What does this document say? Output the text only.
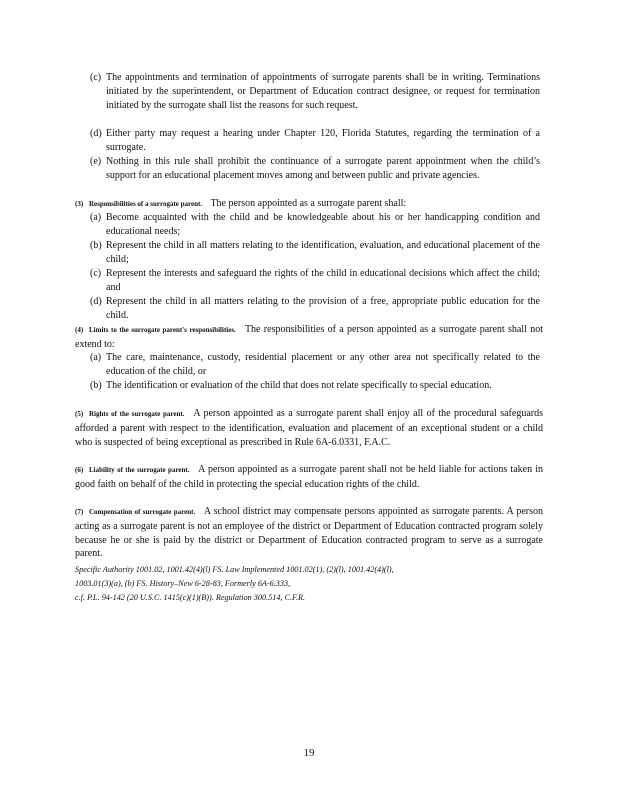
(c) The appointments and termination of appointments of surrogate parents shall be in writing. Terminations initiated by the superintendent, or Department of Education contract designee, or request for termination initiated by the surrogate shall list the reasons for such request.
(d) Either party may request a hearing under Chapter 120, Florida Statutes, regarding the termination of a surrogate.
(e) Nothing in this rule shall prohibit the continuance of a surrogate parent appointment when the child’s support for an educational placement moves among and between public and private agencies.
(3) Responsibilities of a surrogate parent. The person appointed as a surrogate parent shall:
(a) Become acquainted with the child and be knowledgeable about his or her handicapping condition and educational needs;
(b) Represent the child in all matters relating to the identification, evaluation, and educational placement of the child;
(c) Represent the interests and safeguard the rights of the child in educational decisions which affect the child; and
(d) Represent the child in all matters relating to the provision of a free, appropriate public education for the child.
(4) Limits to the surrogate parent's responsibilities. The responsibilities of a person appointed as a surrogate parent shall not extend to:
(a) The care, maintenance, custody, residential placement or any other area not specifically related to the education of the child, or
(b) The identification or evaluation of the child that does not relate specifically to special education.
(5) Rights of the surrogate parent. A person appointed as a surrogate parent shall enjoy all of the procedural safeguards afforded a parent with respect to the identification, evaluation and placement of an exceptional student or a child who is suspected of being exceptional as prescribed in Rule 6A-6.0331, F.A.C.
(6) Liability of the surrogate parent. A person appointed as a surrogate parent shall not be held liable for actions taken in good faith on behalf of the child in protecting the special education rights of the child.
(7) Compensation of surrogate parent. A school district may compensate persons appointed as surrogate parents. A person acting as a surrogate parent is not an employee of the district or Department of Education contracted program solely because he or she is paid by the district or Department of Education contracted program to serve as a surrogate parent.
Specific Authority 1001.02, 1001.42(4)(l) FS. Law Implemented 1001.02(1), (2)(l), 1001.42(4)(l),
1003.01(3)(a), (b) FS. History–New 6-28-83, Formerly 6A-6.333,
c.f. P.L. 94-142 (20 U.S.C. 1415(c)(1)(B)). Regulation 300.514, C.F.R.
19
